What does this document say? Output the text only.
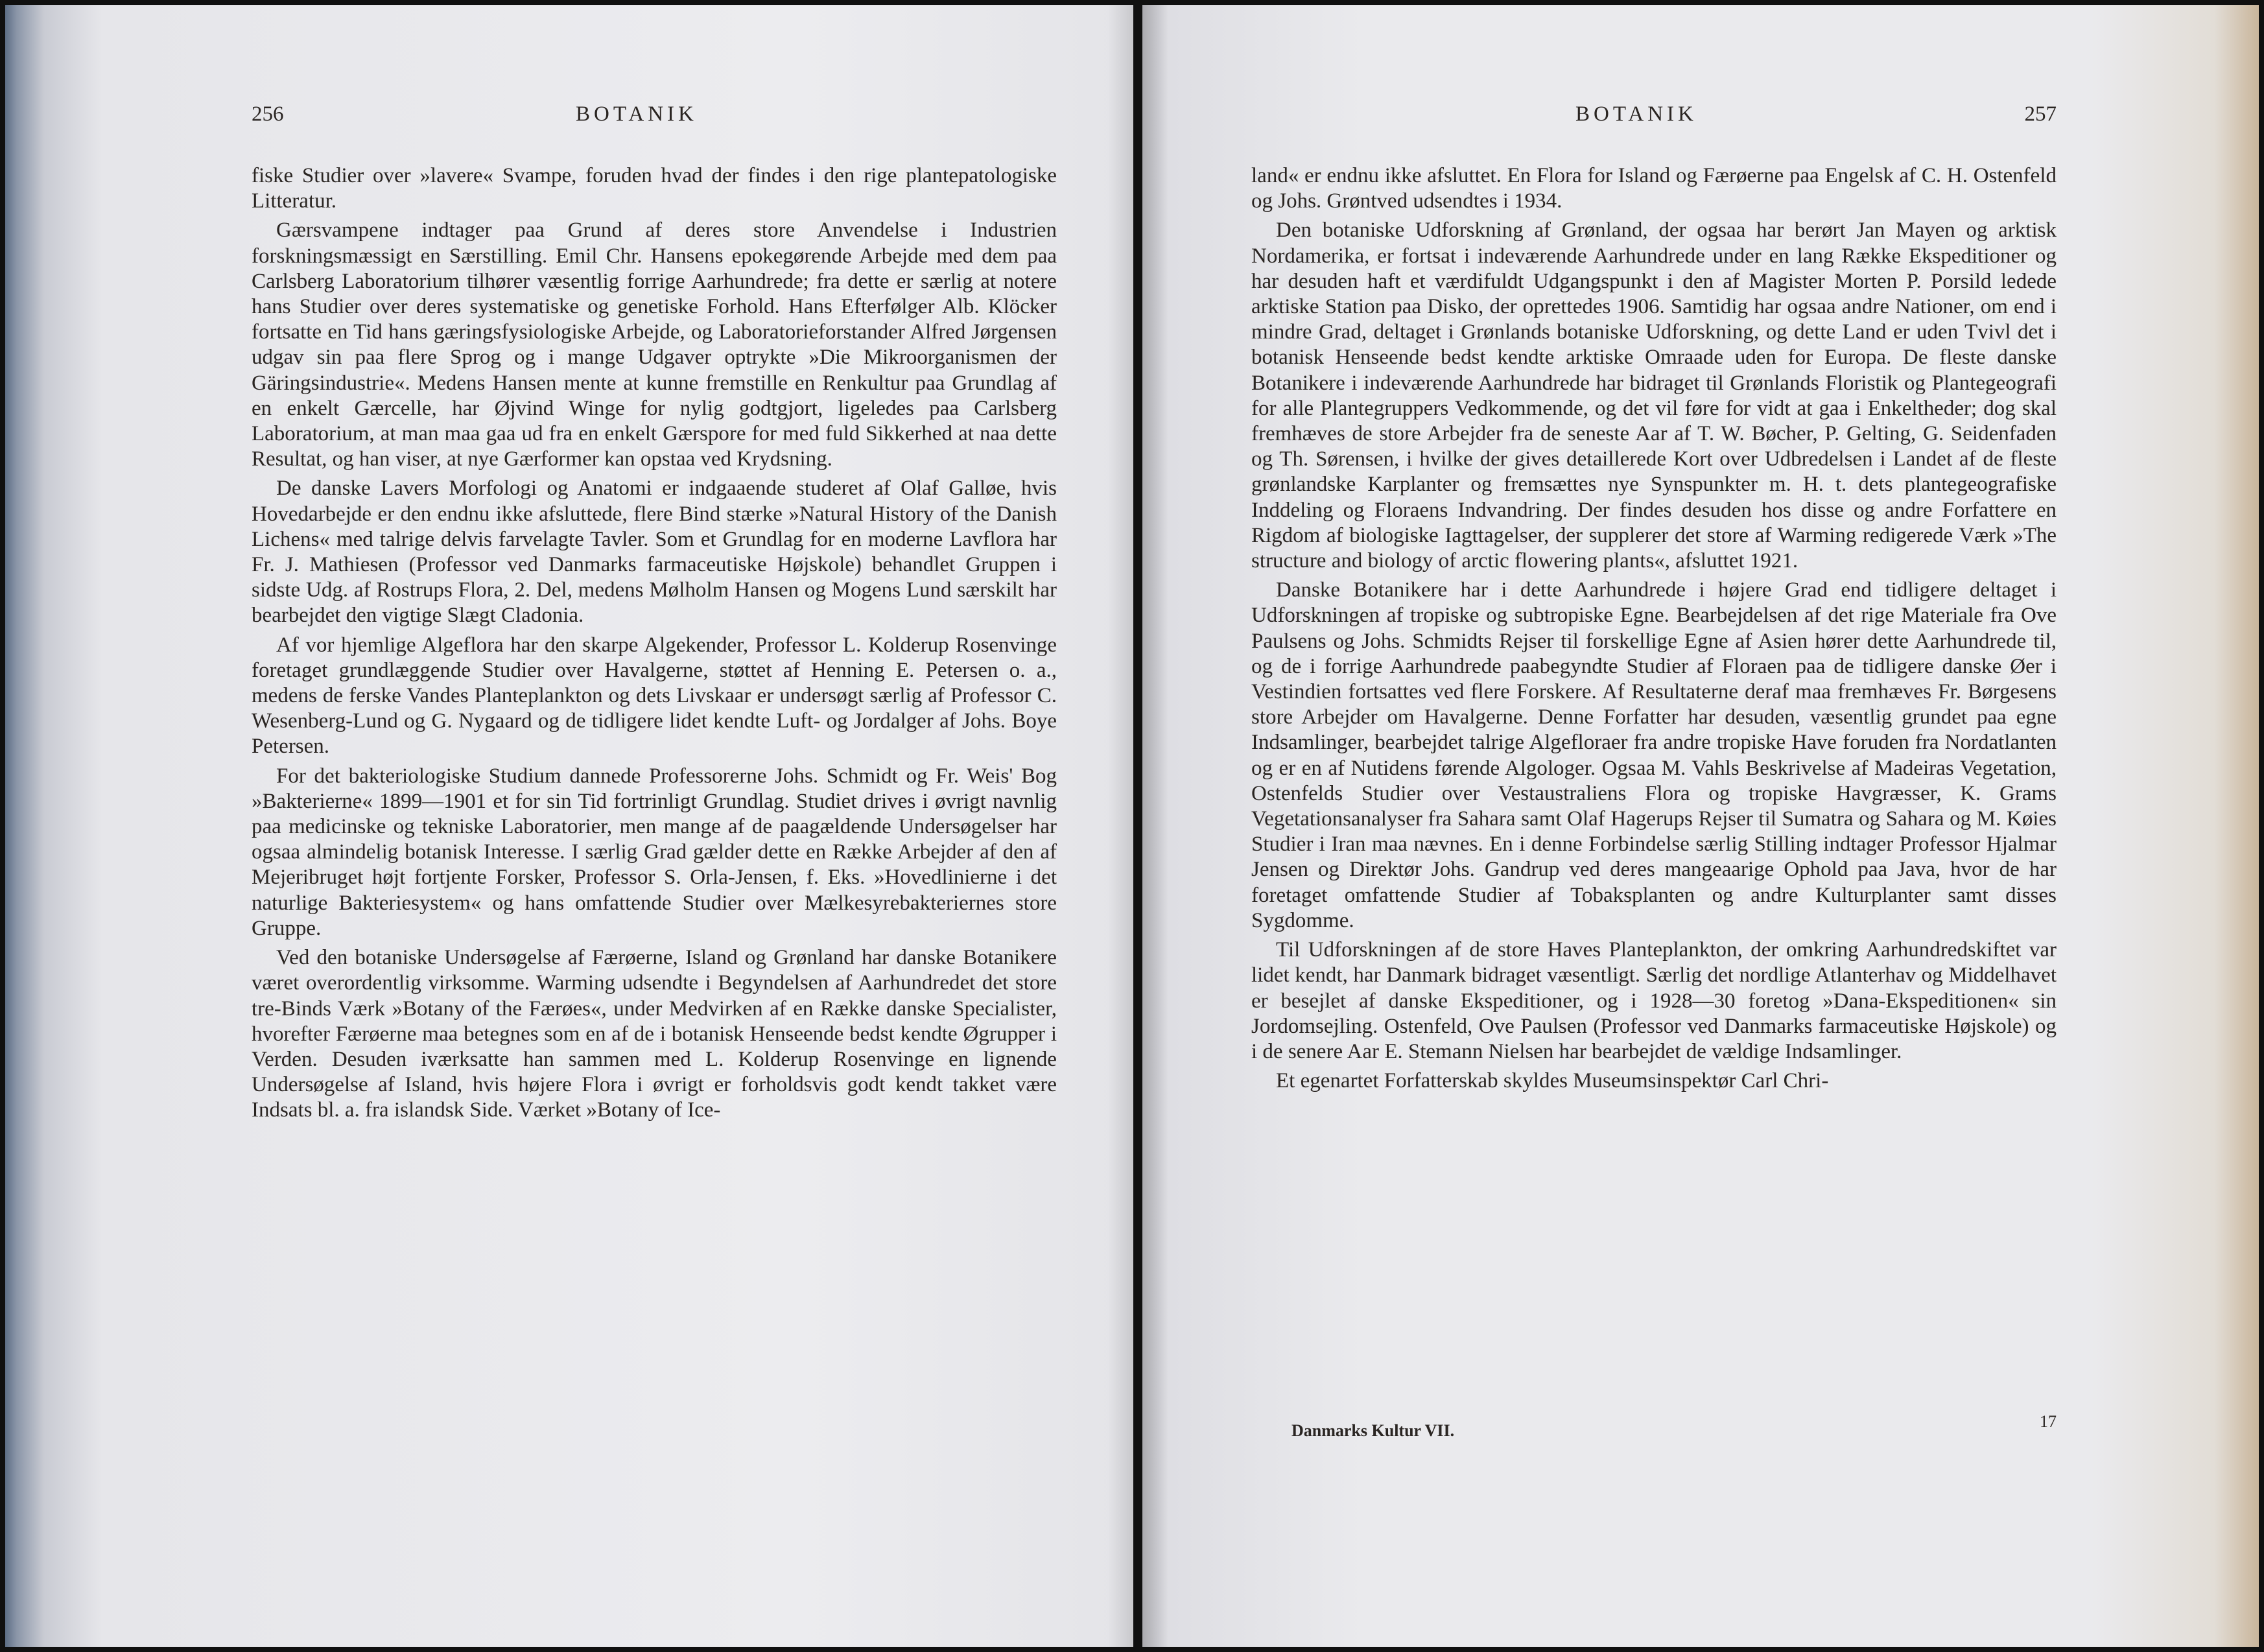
256	BOTANIK

fiske Studier over »lavere« Svampe, foruden hvad der findes i den rige plantepatologiske Litteratur.

Gærsvampene indtager paa Grund af deres store Anvendelse i Industrien forskningsmæssigt en Særstilling. Emil Chr. Hansens epokegørende Arbejde med dem paa Carlsberg Laboratorium tilhører væsentlig forrige Aarhundrede; fra dette er særlig at notere hans Studier over deres systematiske og genetiske Forhold. Hans Efterfølger Alb. Klöcker fortsatte en Tid hans gæringsfysiologiske Arbejde, og Laboratorieforstander Alfred Jørgensen udgav sin paa flere Sprog og i mange Udgaver optrykte »Die Mikroorganismen der Gäringsindustrie«. Medens Hansen mente at kunne fremstille en Renkultur paa Grundlag af en enkelt Gærcelle, har Øjvind Winge for nylig godtgjort, ligeledes paa Carlsberg Laboratorium, at man maa gaa ud fra en enkelt Gærspore for med fuld Sikkerhed at naa dette Resultat, og han viser, at nye Gærformer kan opstaa ved Krydsning.

De danske Lavers Morfologi og Anatomi er indgaaende studeret af Olaf Galløe, hvis Hovedarbejde er den endnu ikke afsluttede, flere Bind stærke »Natural History of the Danish Lichens« med talrige delvis farvelagte Tavler. Som et Grundlag for en moderne Lavflora har Fr. J. Mathiesen (Professor ved Danmarks farmaceutiske Højskole) behandlet Gruppen i sidste Udg. af Rostrups Flora, 2. Del, medens Mølholm Hansen og Mogens Lund særskilt har bearbejdet den vigtige Slægt Cladonia.

Af vor hjemlige Algeflora har den skarpe Algekender, Professor L. Kolderup Rosenvinge foretaget grundlæggende Studier over Havalgerne, støttet af Henning E. Petersen o. a., medens de ferske Vandes Planteplankton og dets Livskaar er undersøgt særlig af Professor C. Wesenberg-Lund og G. Nygaard og de tidligere lidet kendte Luft- og Jordalger af Johs. Boye Petersen.

For det bakteriologiske Studium dannede Professorerne Johs. Schmidt og Fr. Weis' Bog »Bakterierne« 1899—1901 et for sin Tid fortrinligt Grundlag. Studiet drives i øvrigt navnlig paa medicinske og tekniske Laboratorier, men mange af de paagældende Undersøgelser har ogsaa almindelig botanisk Interesse. I særlig Grad gælder dette en Række Arbejder af den af Mejeribruget højt fortjente Forsker, Professor S. Orla-Jensen, f. Eks. »Hovedlinierne i det naturlige Bakteriesystem« og hans omfattende Studier over Mælkesyrebakteriernes store Gruppe.

Ved den botaniske Undersøgelse af Færøerne, Island og Grønland har danske Botanikere været overordentlig virksomme. Warming udsendte i Begyndelsen af Aarhundredet det store tre-Binds Værk »Botany of the Færøes«, under Medvirken af en Række danske Specialister, hvorefter Færøerne maa betegnes som en af de i botanisk Henseende bedst kendte Øgrupper i Verden. Desuden iværksatte han sammen med L. Kolderup Rosenvinge en lignende Undersøgelse af Island, hvis højere Flora i øvrigt er forholdsvis godt kendt takket være Indsats bl. a. fra islandsk Side. Værket »Botany of Ice-

BOTANIK	257

land« er endnu ikke afsluttet. En Flora for Island og Færøerne paa Engelsk af C. H. Ostenfeld og Johs. Grøntved udsendtes i 1934.

Den botaniske Udforskning af Grønland, der ogsaa har berørt Jan Mayen og arktisk Nordamerika, er fortsat i indeværende Aarhundrede under en lang Række Ekspeditioner og har desuden haft et værdifuldt Udgangspunkt i den af Magister Morten P. Porsild ledede arktiske Station paa Disko, der oprettedes 1906. Samtidig har ogsaa andre Nationer, om end i mindre Grad, deltaget i Grønlands botaniske Udforskning, og dette Land er uden Tvivl det i botanisk Henseende bedst kendte arktiske Omraade uden for Europa. De fleste danske Botanikere i indeværende Aarhundrede har bidraget til Grønlands Floristik og Plantegeografi for alle Plantegruppers Vedkommende, og det vil føre for vidt at gaa i Enkeltheder; dog skal fremhæves de store Arbejder fra de seneste Aar af T. W. Bøcher, P. Gelting, G. Seidenfaden og Th. Sørensen, i hvilke der gives detaillerede Kort over Udbredelsen i Landet af de fleste grønlandske Karplanter og fremsættes nye Synspunkter m. H. t. dets plantegeografiske Inddeling og Floraens Indvandring. Der findes desuden hos disse og andre Forfattere en Rigdom af biologiske Iagttagelser, der supplerer det store af Warming redigerede Værk »The structure and biology of arctic flowering plants«, afsluttet 1921.

Danske Botanikere har i dette Aarhundrede i højere Grad end tidligere deltaget i Udforskningen af tropiske og subtropiske Egne. Bearbejdelsen af det rige Materiale fra Ove Paulsens og Johs. Schmidts Rejser til forskellige Egne af Asien hører dette Aarhundrede til, og de i forrige Aarhundrede paabegyndte Studier af Floraen paa de tidligere danske Øer i Vestindien fortsattes ved flere Forskere. Af Resultaterne deraf maa fremhæves Fr. Børgesens store Arbejder om Havalgerne. Denne Forfatter har desuden, væsentlig grundet paa egne Indsamlinger, bearbejdet talrige Algefloraer fra andre tropiske Have foruden fra Nordatlanten og er en af Nutidens førende Algologer. Ogsaa M. Vahls Beskrivelse af Madeiras Vegetation, Ostenfelds Studier over Vestaustraliens Flora og tropiske Havgræsser, K. Grams Vegetationsanalyser fra Sahara samt Olaf Hagerups Rejser til Sumatra og Sahara og M. Køies Studier i Iran maa nævnes. En i denne Forbindelse særlig Stilling indtager Professor Hjalmar Jensen og Direktør Johs. Gandrup ved deres mangeaarige Ophold paa Java, hvor de har foretaget omfattende Studier af Tobaksplanten og andre Kulturplanter samt disses Sygdomme.

Til Udforskningen af de store Haves Planteplankton, der omkring Aarhundredskiftet var lidet kendt, har Danmark bidraget væsentligt. Særlig det nordlige Atlanterhav og Middelhavet er besejlet af danske Ekspeditioner, og i 1928—30 foretog »Dana-Ekspeditionen« sin Jordomsejling. Ostenfeld, Ove Paulsen (Professor ved Danmarks farmaceutiske Højskole) og i de senere Aar E. Stemann Nielsen har bearbejdet de vældige Indsamlinger.

Et egenartet Forfatterskab skyldes Museumsinspektør Carl Chri-

Danmarks Kultur VII.	17
